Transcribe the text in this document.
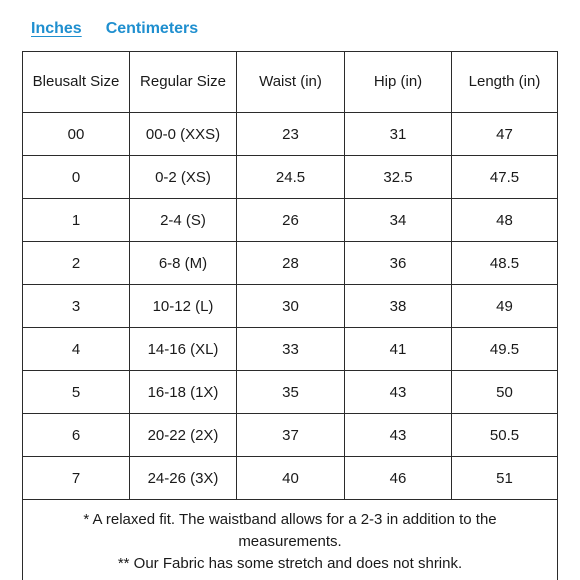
Inches Centimeters
Bleusalt Size	Regular Size	Waist (in)	Hip (in)	Length (in)
00	00-0 (XXS)	23	31	47
0	0-2 (XS)	24.5	32.5	47.5
1	2-4 (S)	26	34	48
2	6-8 (M)	28	36	48.5
3	10-12 (L)	30	38	49
4	14-16 (XL)	33	41	49.5
5	16-18 (1X)	35	43	50
6	20-22 (2X)	37	43	50.5
7	24-26 (3X)	40	46	51

* A relaxed fit. The waistband allows for a 2-3 in addition to the measurements.
** Our Fabric has some stretch and does not shrink.				
